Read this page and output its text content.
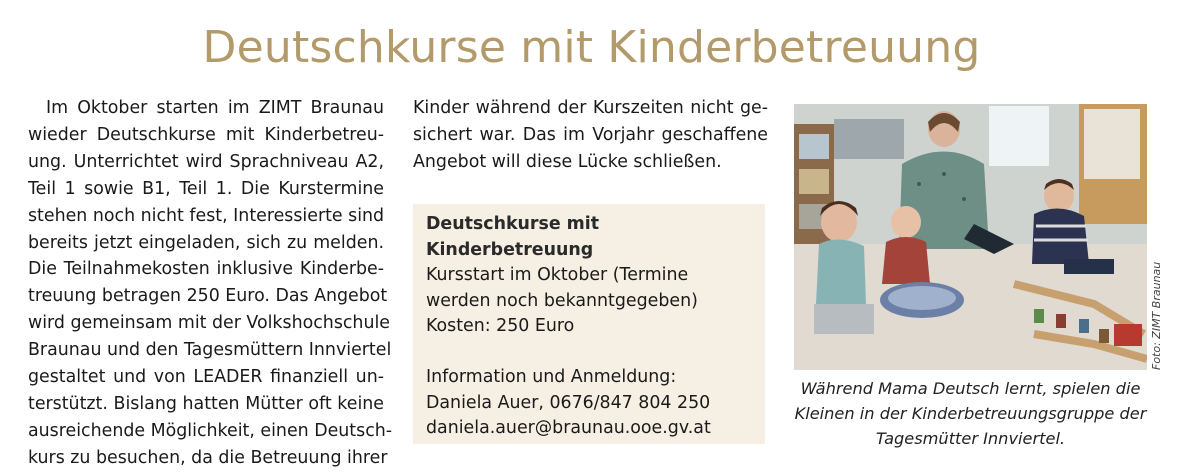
Deutschkurse mit Kinderbetreuung
Im Oktober starten im ZIMT Braunau
wieder Deutschkurse mit Kinderbetreu-
ung. Unterrichtet wird Sprachniveau A2,
Teil 1 sowie B1, Teil 1. Die Kurstermine
stehen noch nicht fest, Interessierte sind
bereits jetzt eingeladen, sich zu melden.
Die Teilnahmekosten inklusive Kinderbe-
treuung betragen 250 Euro. Das Angebot
wird gemeinsam mit der Volkshochschule
Braunau und den Tagesmüttern Innviertel
gestaltet und von LEADER finanziell un-
terstützt. Bislang hatten Mütter oft keine
ausreichende Möglichkeit, einen Deutsch-
kurs zu besuchen, da die Betreuung ihrer
Kinder während der Kurszeiten nicht ge-
sichert war. Das im Vorjahr geschaffene
Angebot will diese Lücke schließen.
Deutschkurse mit
Kinderbetreuung
Kursstart im Oktober (Termine
werden noch bekanntgegeben)
Kosten: 250 Euro
Information und Anmeldung:
Daniela Auer, 0676/847 804 250
daniela.auer@braunau.ooe.gv.at
Foto: ZIMT Braunau
Während Mama Deutsch lernt, spielen die
Kleinen in der Kinderbetreuungsgruppe der
Tagesmütter Innviertel.
